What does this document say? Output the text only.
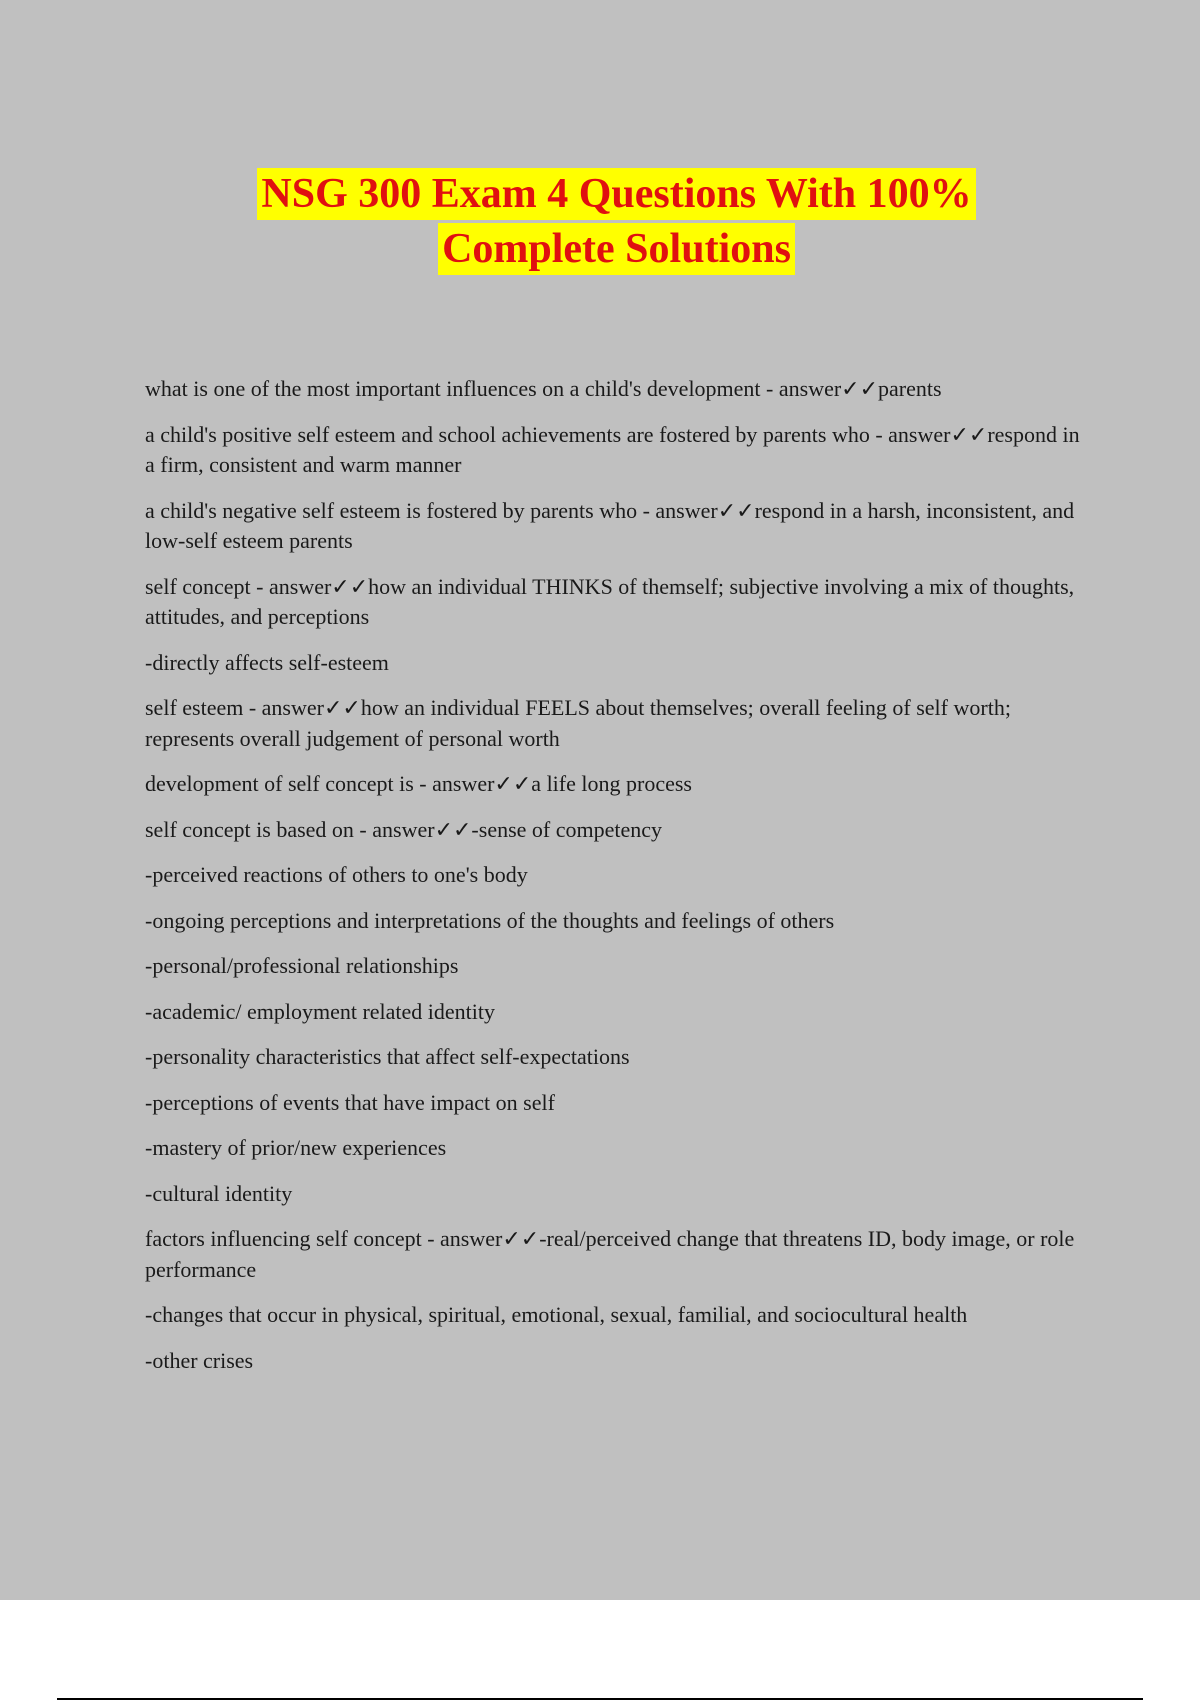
NSG 300 Exam 4 Questions With 100%
Complete Solutions

what is one of the most important influences on a child's development - answer✓✓parents

a child's positive self esteem and school achievements are fostered by parents who - answer✓✓respond in a firm, consistent and warm manner

a child's negative self esteem is fostered by parents who - answer✓✓respond in a harsh, inconsistent, and low-self esteem parents

self concept - answer✓✓how an individual THINKS of themself; subjective involving a mix of thoughts, attitudes, and perceptions

-directly affects self-esteem

self esteem - answer✓✓how an individual FEELS about themselves; overall feeling of self worth; represents overall judgement of personal worth

development of self concept is - answer✓✓a life long process

self concept is based on - answer✓✓-sense of competency

-perceived reactions of others to one's body

-ongoing perceptions and interpretations of the thoughts and feelings of others

-personal/professional relationships

-academic/ employment related identity

-personality characteristics that affect self-expectations

-perceptions of events that have impact on self

-mastery of prior/new experiences

-cultural identity

factors influencing self concept - answer✓✓-real/perceived change that threatens ID, body image, or role performance

-changes that occur in physical, spiritual, emotional, sexual, familial, and sociocultural health

-other crises
